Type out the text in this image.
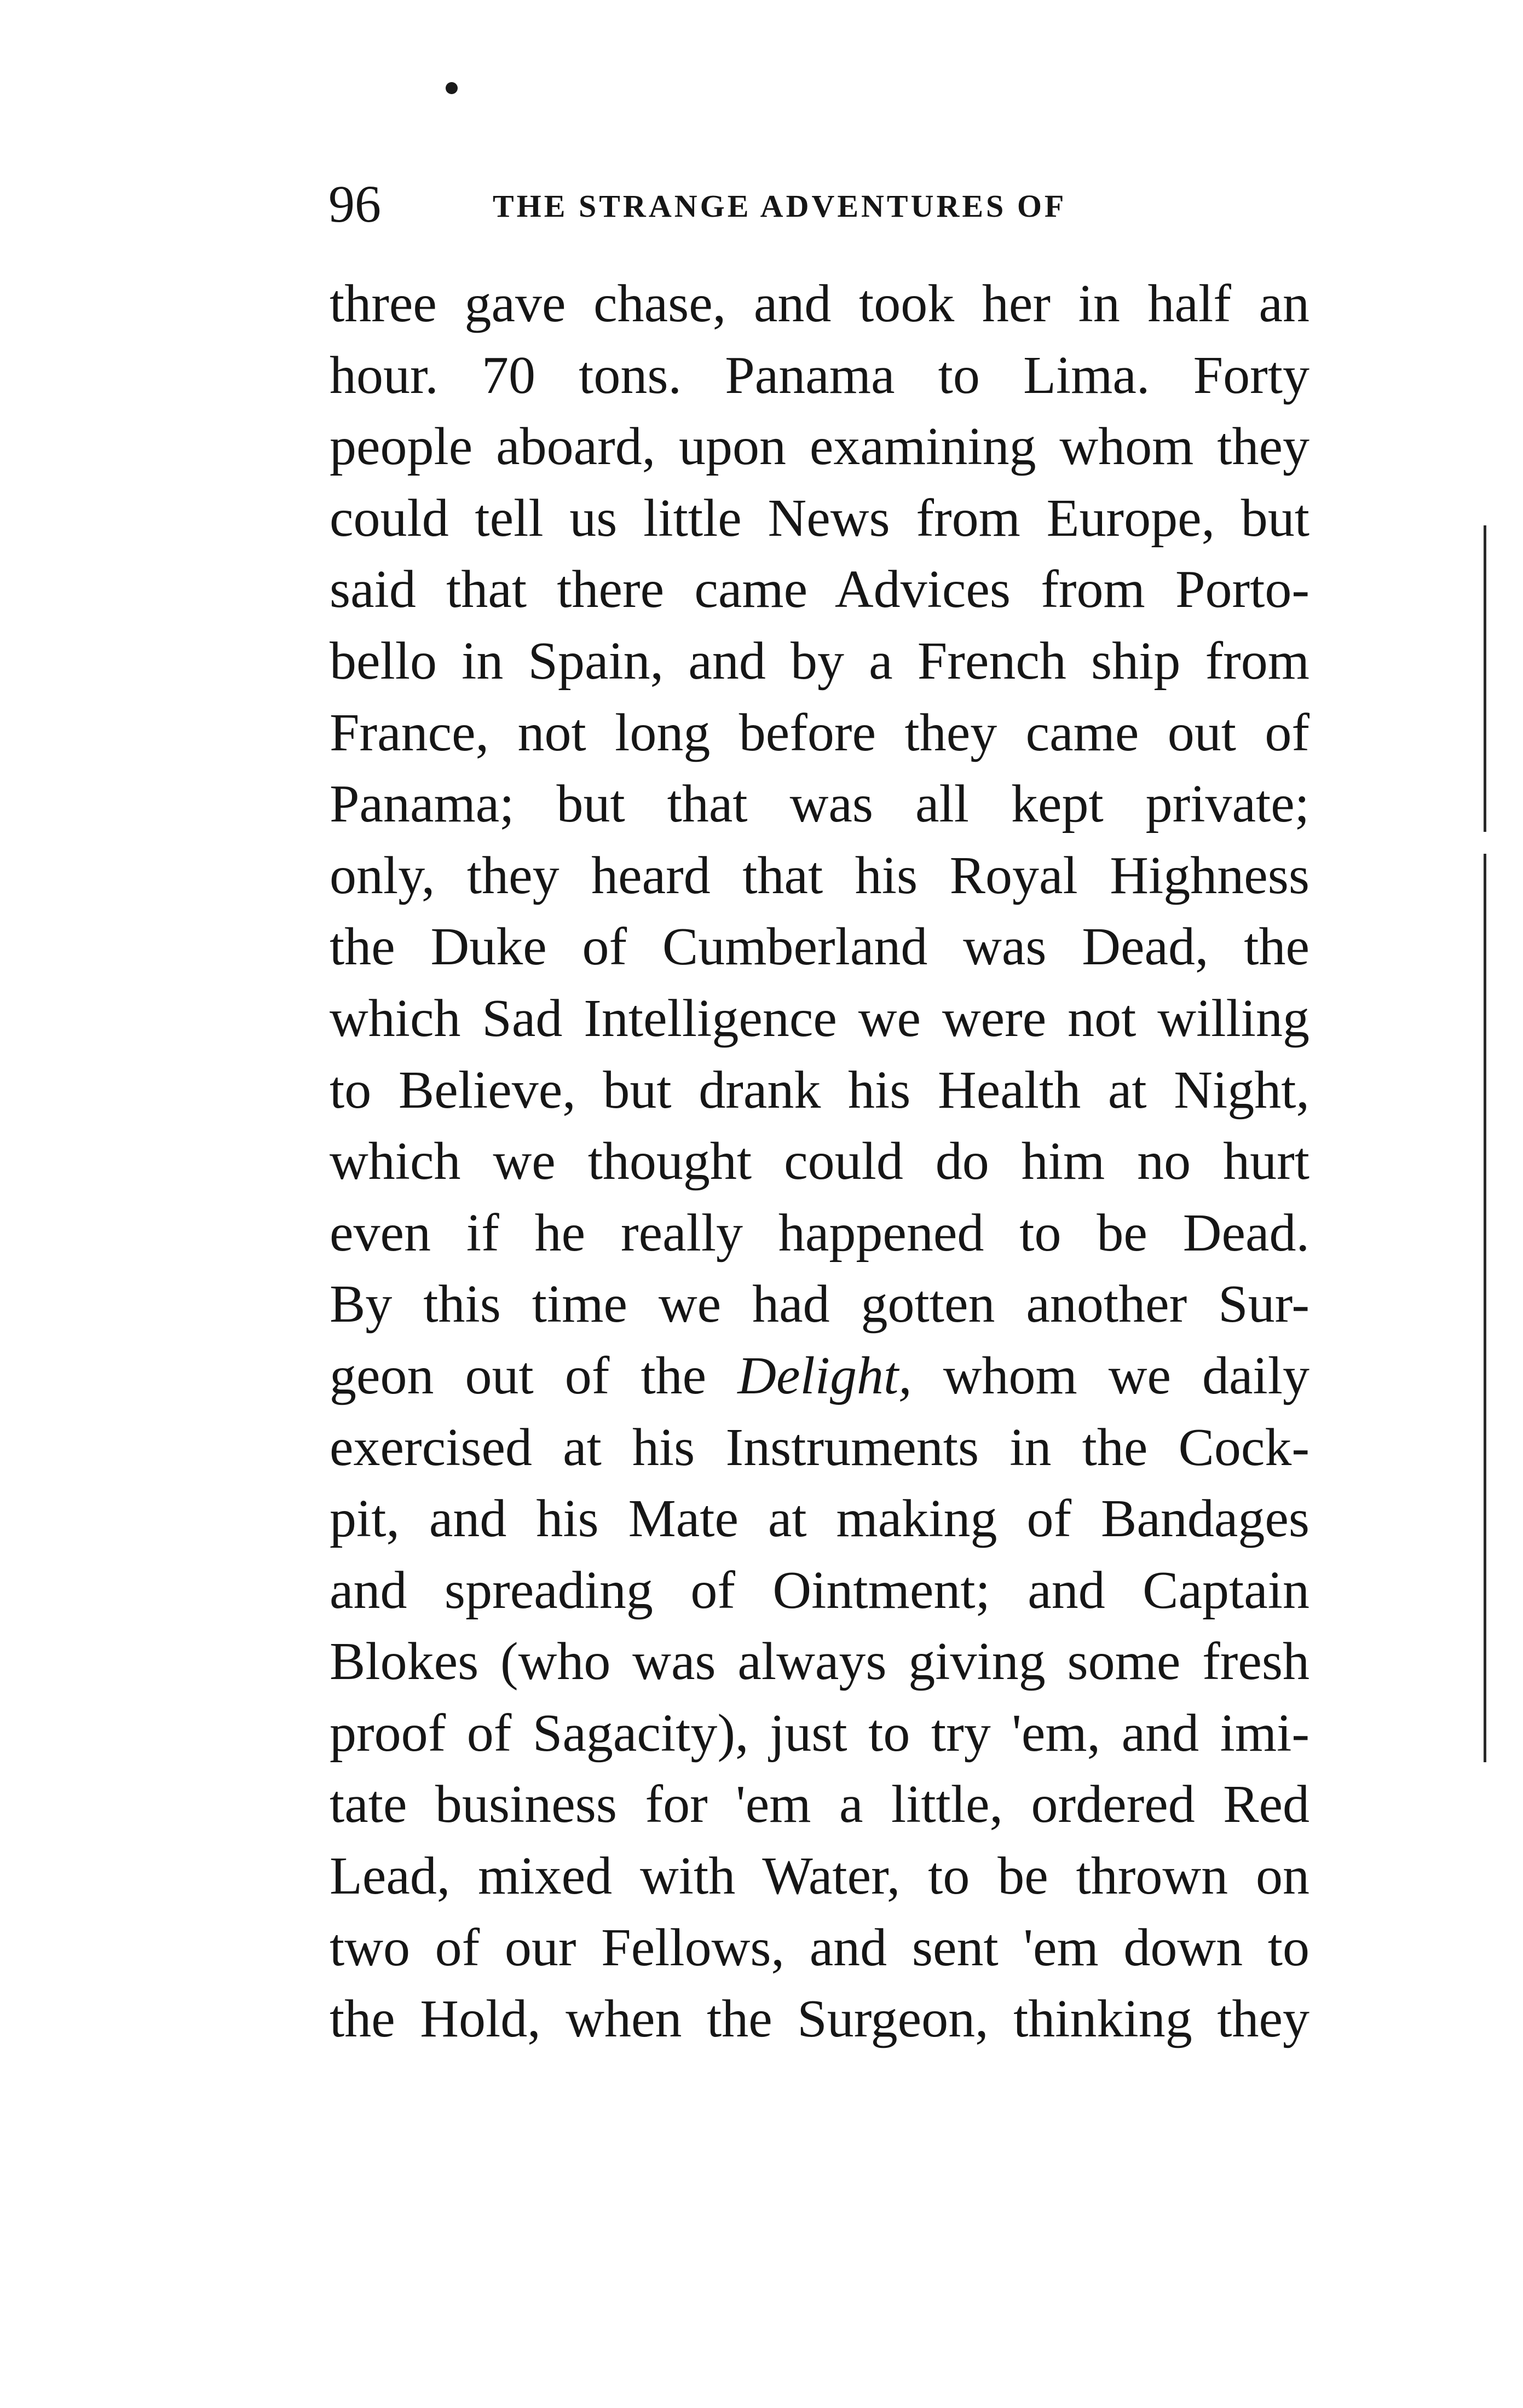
96	THE STRANGE ADVENTURES OF
three gave chase, and took her in half an
hour. 70 tons. Panama to Lima. Forty
people aboard, upon examining whom they
could tell us little News from Europe, but
said that there came Advices from Porto-
bello in Spain, and by a French ship from
France, not long before they came out of
Panama; but that was all kept private;
only, they heard that his Royal Highness
the Duke of Cumberland was Dead, the
which Sad Intelligence we were not willing
to Believe, but drank his Health at Night,
which we thought could do him no hurt
even if he really happened to be Dead.
By this time we had gotten another Sur-
geon out of the Delight, whom we daily
exercised at his Instruments in the Cock-
pit, and his Mate at making of Bandages
and spreading of Ointment; and Captain
Blokes (who was always giving some fresh
proof of Sagacity), just to try 'em, and imi-
tate business for 'em a little, ordered Red
Lead, mixed with Water, to be thrown on
two of our Fellows, and sent 'em down to
the Hold, when the Surgeon, thinking they
